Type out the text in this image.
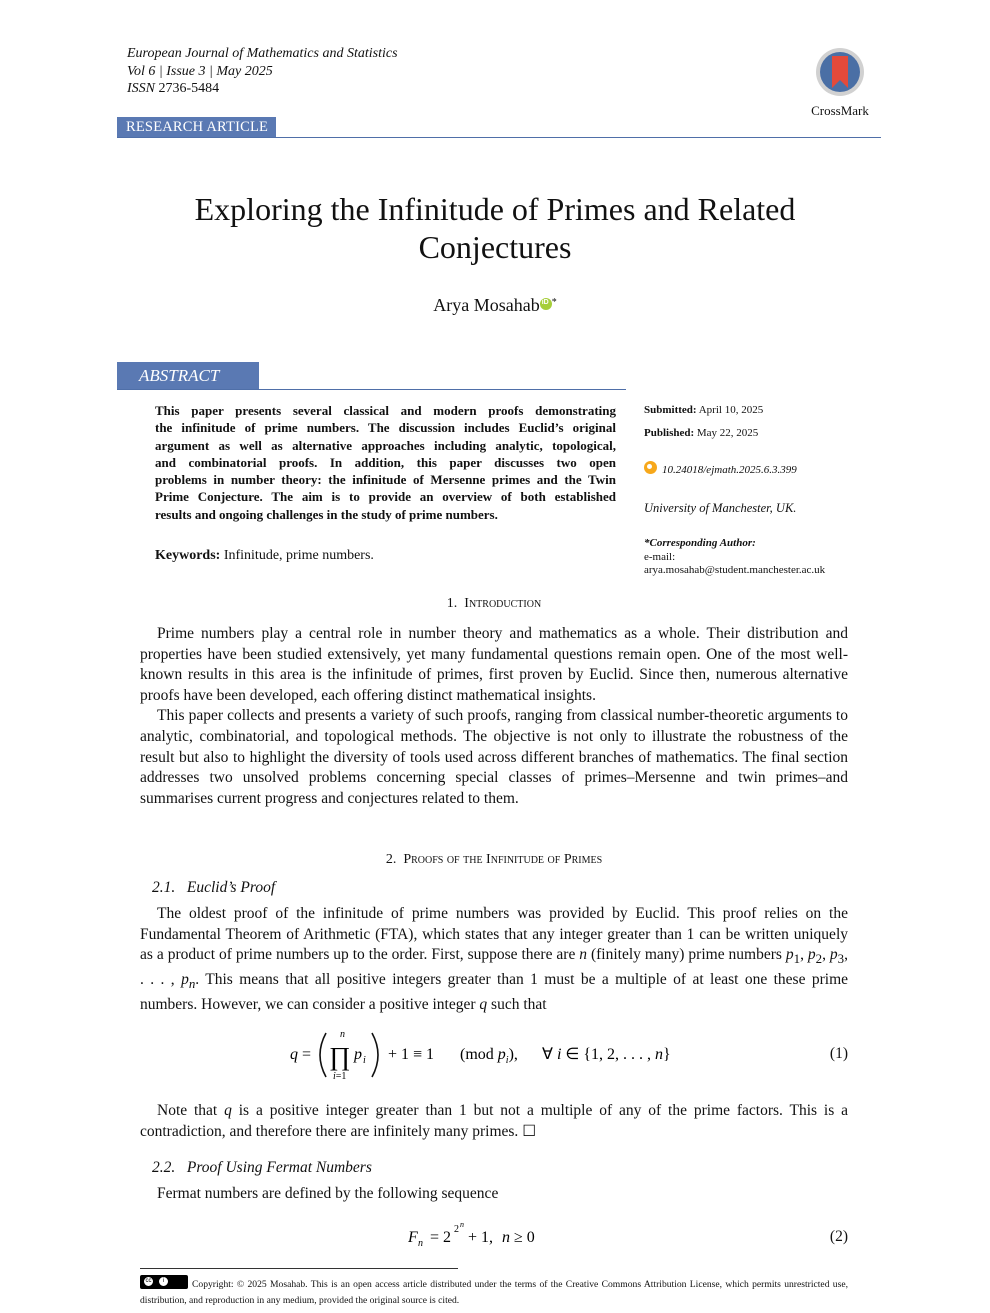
European Journal of Mathematics and Statistics
Vol 6 | Issue 3 | May 2025
ISSN 2736-5484
CrossMark
RESEARCH ARTICLE
Exploring the Infinitude of Primes and Related
Conjectures
Arya MosahabiD *
ABSTRACT
This paper presents several classical and modern proofs demonstrating
the infinitude of prime numbers. The discussion includes Euclid’s original
argument as well as alternative approaches including analytic, topological,
and combinatorial proofs. In addition, this paper discusses two open
problems in number theory: the infinitude of Mersenne primes and the Twin
Prime Conjecture. The aim is to provide an overview of both established
results and ongoing challenges in the study of prime numbers.
Keywords: Infinitude, prime numbers.
Submitted: April 10, 2025
Published: May 22, 2025
10.24018/ejmath.2025.6.3.399
University of Manchester, UK.
*Corresponding Author:
e-mail:
arya.mosahab@student.manchester.ac.uk
1. Introduction

Prime numbers play a central role in number theory and mathematics as a whole. Their distribution and properties have been studied extensively, yet many fundamental questions remain open. One of the most well-known results in this area is the infinitude of primes, first proven by Euclid. Since then, numerous alternative proofs have been developed, each offering distinct mathematical insights.

This paper collects and presents a variety of such proofs, ranging from classical number-theoretic arguments to analytic, combinatorial, and topological methods. The objective is not only to illustrate the robustness of the result but also to highlight the diversity of tools used across different branches of mathematics. The final section addresses two unsolved problems concerning special classes of primes–Mersenne and twin primes–and summarises current progress and conjectures related to them.

2. Proofs of the Infinitude of Primes
2.1. Euclid’s Proof

The oldest proof of the infinitude of prime numbers was provided by Euclid. This proof relies on the Fundamental Theorem of Arithmetic (FTA), which states that any integer greater than 1 can be written uniquely as a product of prime numbers up to the order. First, suppose there are n (finitely many) prime numbers $p_1$, $p_2$, $p_3$, . . . , $p_n$. This means that all positive integers greater than 1 must be a multiple of at least one these prime numbers. However, we can consider a positive integer q such that

q =
n
∏
i=1
p i + 1 ≡ 1 (mod $p_i$), ∀ i ∈ {1, 2, . . . , n}	(1)

Note that q is a positive integer greater than 1 but not a multiple of any of the prime factors. This is a contradiction, and therefore there are infinitely many primes. ☐

2.2. Proof Using Fermat Numbers

Fermat numbers are defined by the following sequence

F n = 2 2 n
+ 1, n ≥ 0	(2)
cc	i	Copyright: © 2025 Mosahab. This is an open access article distributed under the terms of the Creative Commons Attribution License, which permits unrestricted use, distribution, and reproduction in any medium, provided the original source is cited.
